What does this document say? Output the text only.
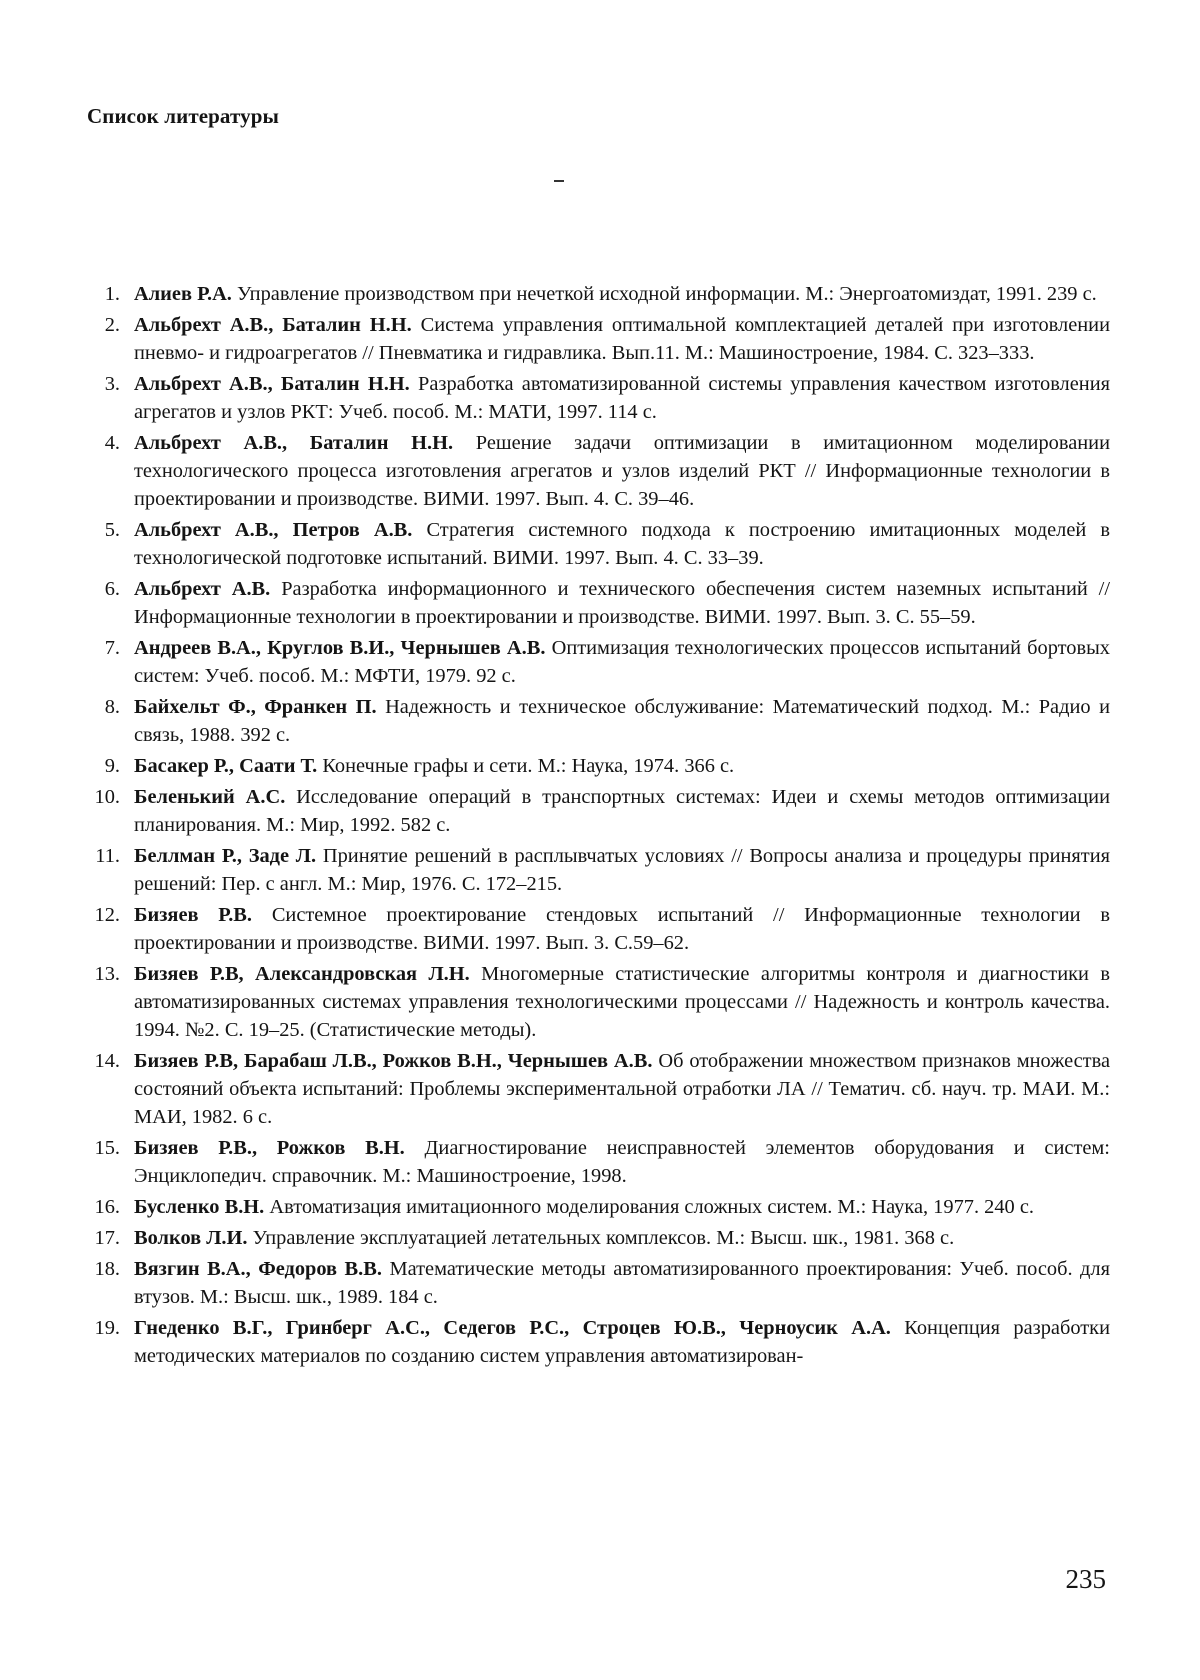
Список литературы
1. Алиев Р.А. Управление производством при нечеткой исходной информации. М.: Энергоатомиздат, 1991. 239 с.
2. Альбрехт А.В., Баталин Н.Н. Система управления оптимальной комплектацией деталей при изготовлении пневмо- и гидроагрегатов // Пневматика и гидравлика. Вып.11. М.: Машиностроение, 1984. С. 323–333.
3. Альбрехт А.В., Баталин Н.Н. Разработка автоматизированной системы управления качеством изготовления агрегатов и узлов РКТ: Учеб. пособ. М.: МАТИ, 1997. 114 с.
4. Альбрехт А.В., Баталин Н.Н. Решение задачи оптимизации в имитационном моделировании технологического процесса изготовления агрегатов и узлов изделий РКТ // Информационные технологии в проектировании и производстве. ВИМИ. 1997. Вып. 4. С. 39–46.
5. Альбрехт А.В., Петров А.В. Стратегия системного подхода к построению имитационных моделей в технологической подготовке испытаний. ВИМИ. 1997. Вып. 4. С. 33–39.
6. Альбрехт А.В. Разработка информационного и технического обеспечения систем наземных испытаний // Информационные технологии в проектировании и производстве. ВИМИ. 1997. Вып. 3. С. 55–59.
7. Андреев В.А., Круглов В.И., Чернышев А.В. Оптимизация технологических процессов испытаний бортовых систем: Учеб. пособ. М.: МФТИ, 1979. 92 с.
8. Байхельт Ф., Франкен П. Надежность и техническое обслуживание: Математический подход. М.: Радио и связь, 1988. 392 с.
9. Басакер Р., Саати Т. Конечные графы и сети. М.: Наука, 1974. 366 с.
10. Беленький А.С. Исследование операций в транспортных системах: Идеи и схемы методов оптимизации планирования. М.: Мир, 1992. 582 с.
11. Беллман Р., Заде Л. Принятие решений в расплывчатых условиях // Вопросы анализа и процедуры принятия решений: Пер. с англ. М.: Мир, 1976. С. 172–215.
12. Бизяев Р.В. Системное проектирование стендовых испытаний // Информационные технологии в проектировании и производстве. ВИМИ. 1997. Вып. 3. С.59–62.
13. Бизяев Р.В, Александровская Л.Н. Многомерные статистические алгоритмы контроля и диагностики в автоматизированных системах управления технологическими процессами // Надежность и контроль качества. 1994. №2. С. 19–25. (Статистические методы).
14. Бизяев Р.В, Барабаш Л.В., Рожков В.Н., Чернышев А.В. Об отображении множеством признаков множества состояний объекта испытаний: Проблемы экспериментальной отработки ЛА // Тематич. сб. науч. тр. МАИ. М.: МАИ, 1982. 6 с.
15. Бизяев Р.В., Рожков В.Н. Диагностирование неисправностей элементов оборудования и систем: Энциклопедич. справочник. М.: Машиностроение, 1998.
16. Бусленко В.Н. Автоматизация имитационного моделирования сложных систем. М.: Наука, 1977. 240 с.
17. Волков Л.И. Управление эксплуатацией летательных комплексов. М.: Высш. шк., 1981. 368 с.
18. Вязгин В.А., Федоров В.В. Математические методы автоматизированного проектирования: Учеб. пособ. для втузов. М.: Высш. шк., 1989. 184 с.
19. Гнеденко В.Г., Гринберг А.С., Седегов Р.С., Строцев Ю.В., Черноусик А.А. Концепция разработки методических материалов по созданию систем управления автоматизирован-
235
